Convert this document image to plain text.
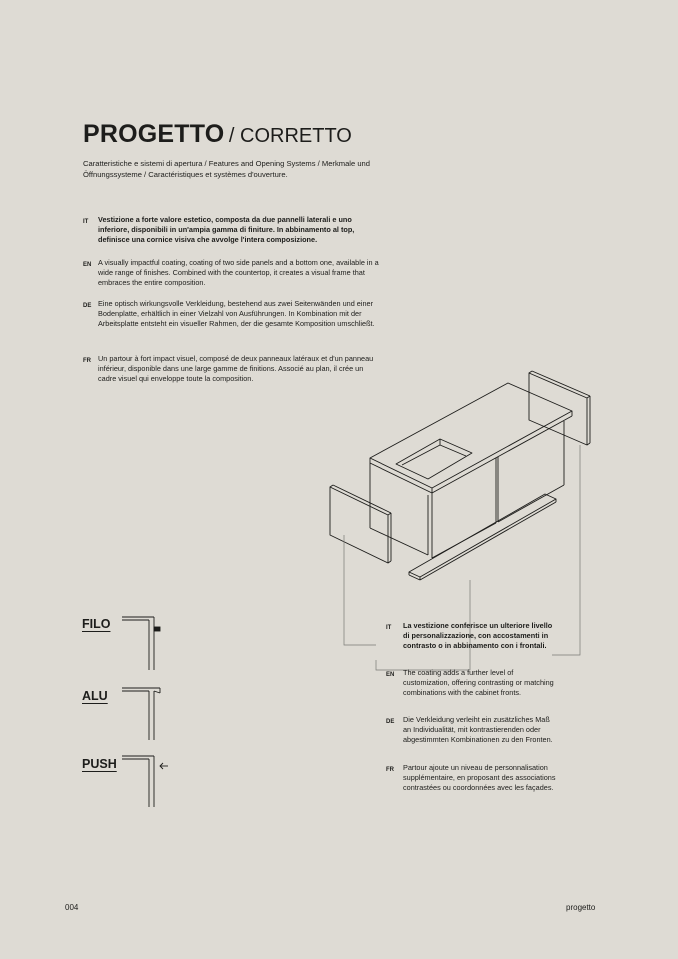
PROGETTO / CORRETTO
Caratteristiche e sistemi di apertura / Features and Opening Systems / Merkmale und Öffnungssysteme / Caractéristiques et systèmes d'ouverture.
IT Vestizione a forte valore estetico, composta da due pannelli laterali e uno inferiore, disponibili in un'ampia gamma di finiture. In abbinamento al top, definisce una cornice visiva che avvolge l'intera composizione.
EN A visually impactful coating, coating of two side panels and a bottom one, available in a wide range of finishes. Combined with the countertop, it creates a visual frame that embraces the entire composition.
DE Eine optisch wirkungsvolle Verkleidung, bestehend aus zwei Seitenwänden und einer Bodenplatte, erhältlich in einer Vielzahl von Ausführungen. In Kombination mit der Arbeitsplatte entsteht ein visueller Rahmen, der die gesamte Komposition umschließt.
FR Un partour à fort impact visuel, composé de deux panneaux latéraux et d'un panneau inférieur, disponible dans une large gamme de finitions. Associé au plan, il crée un cadre visuel qui enveloppe toute la composition.
IT La vestizione conferisce un ulteriore livello di personalizzazione, con accostamenti in contrasto o in abbinamento con i frontali.
EN The coating adds a further level of customization, offering contrasting or matching combinations with the cabinet fronts.
DE Die Verkleidung verleiht ein zusätzliches Maß an Individualität, mit kontrastierenden oder abgestimmten Kombinationen zu den Fronten.
FR Partour ajoute un niveau de personnalisation supplémentaire, en proposant des associations contrastées ou coordonnées avec les façades.
FILO
ALU
PUSH
004	progetto
